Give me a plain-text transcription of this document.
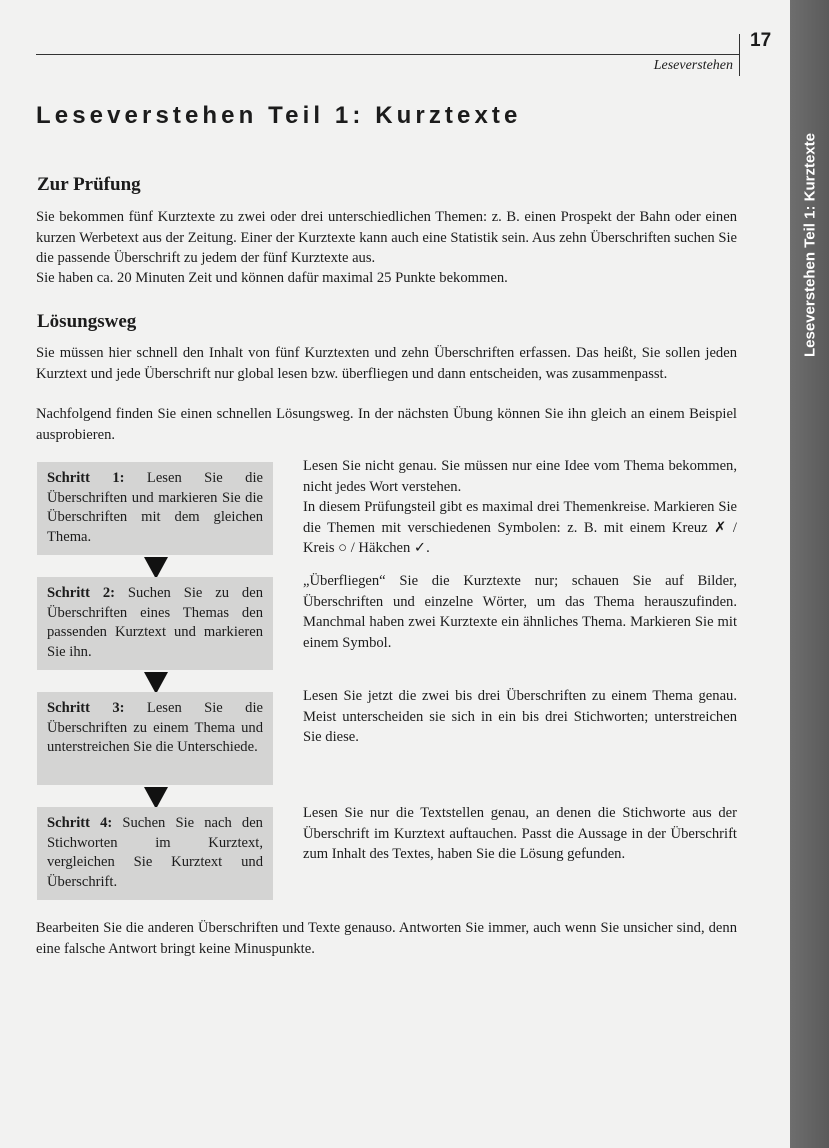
17
Leseverstehen
Leseverstehen Teil 1: Kurztexte
Leseverstehen Teil 1: Kurztexte
Zur Prüfung

Sie bekommen fünf Kurztexte zu zwei oder drei unterschiedlichen Themen: z. B. einen Prospekt der Bahn oder einen kurzen Werbetext aus der Zeitung. Einer der Kurztexte kann auch eine Statistik sein. Aus zehn Überschriften suchen Sie die passende Überschrift zu jedem der fünf Kurztexte aus.

Sie haben ca. 20 Minuten Zeit und können dafür maximal 25 Punkte bekommen.

Lösungsweg

Sie müssen hier schnell den Inhalt von fünf Kurztexten und zehn Überschriften erfassen. Das heißt, Sie sollen jeden Kurztext und jede Überschrift nur global lesen bzw. überfliegen und dann entscheiden, was zusammenpasst.

Nachfolgend finden Sie einen schnellen Lösungsweg. In der nächsten Übung können Sie ihn gleich an einem Beispiel ausprobieren.

Schritt 1: Lesen Sie die Überschriften und markieren Sie die Überschriften mit dem gleichen Thema.

Lesen Sie nicht genau. Sie müssen nur eine Idee vom Thema bekommen, nicht jedes Wort verstehen.

In diesem Prüfungsteil gibt es maximal drei Themenkreise. Markieren Sie die Themen mit verschiedenen Symbolen: z. B. mit einem Kreuz ✗ / Kreis ○ / Häkchen ✓.

Schritt 2: Suchen Sie zu den Überschriften eines Themas den passenden Kurztext und markieren Sie ihn.

„Überfliegen“ Sie die Kurztexte nur; schauen Sie auf Bilder, Überschriften und einzelne Wörter, um das Thema herauszufinden. Manchmal haben zwei Kurztexte ein ähnliches Thema. Markieren Sie mit einem Symbol.

Schritt 3: Lesen Sie die Überschriften zu einem Thema und unterstreichen Sie die Unterschiede.

Lesen Sie jetzt die zwei bis drei Überschriften zu einem Thema genau. Meist unterscheiden sie sich in ein bis drei Stichworten; unterstreichen Sie diese.

Schritt 4: Suchen Sie nach den Stichworten im Kurztext, vergleichen Sie Kurztext und Überschrift.

Lesen Sie nur die Textstellen genau, an denen die Stichworte aus der Überschrift im Kurztext auftauchen. Passt die Aussage in der Überschrift zum Inhalt des Textes, haben Sie die Lösung gefunden.

Bearbeiten Sie die anderen Überschriften und Texte genauso. Antworten Sie immer, auch wenn Sie unsicher sind, denn eine falsche Antwort bringt keine Minuspunkte.
